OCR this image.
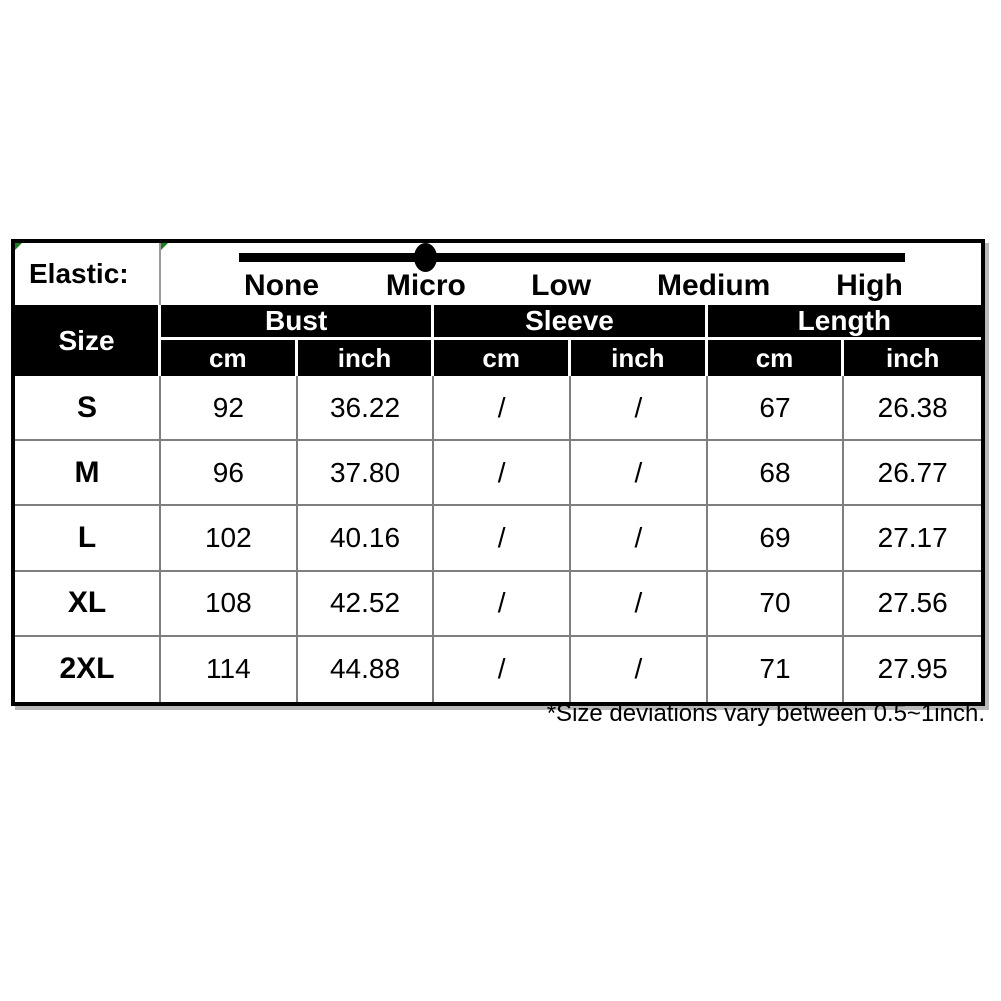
Elastic:	None Micro Low Medium High
Size
Bust	Sleeve	Length
cm	inch	cm	inch	cm	inch
S	92	36.22	/	/	67	26.38
M	96	37.80	/	/	68	26.77
L	102	40.16	/	/	69	27.17
XL	108	42.52	/	/	70	27.56
2XL	114	44.88	/	/	71	27.95
*Size deviations vary between 0.5~1inch.
